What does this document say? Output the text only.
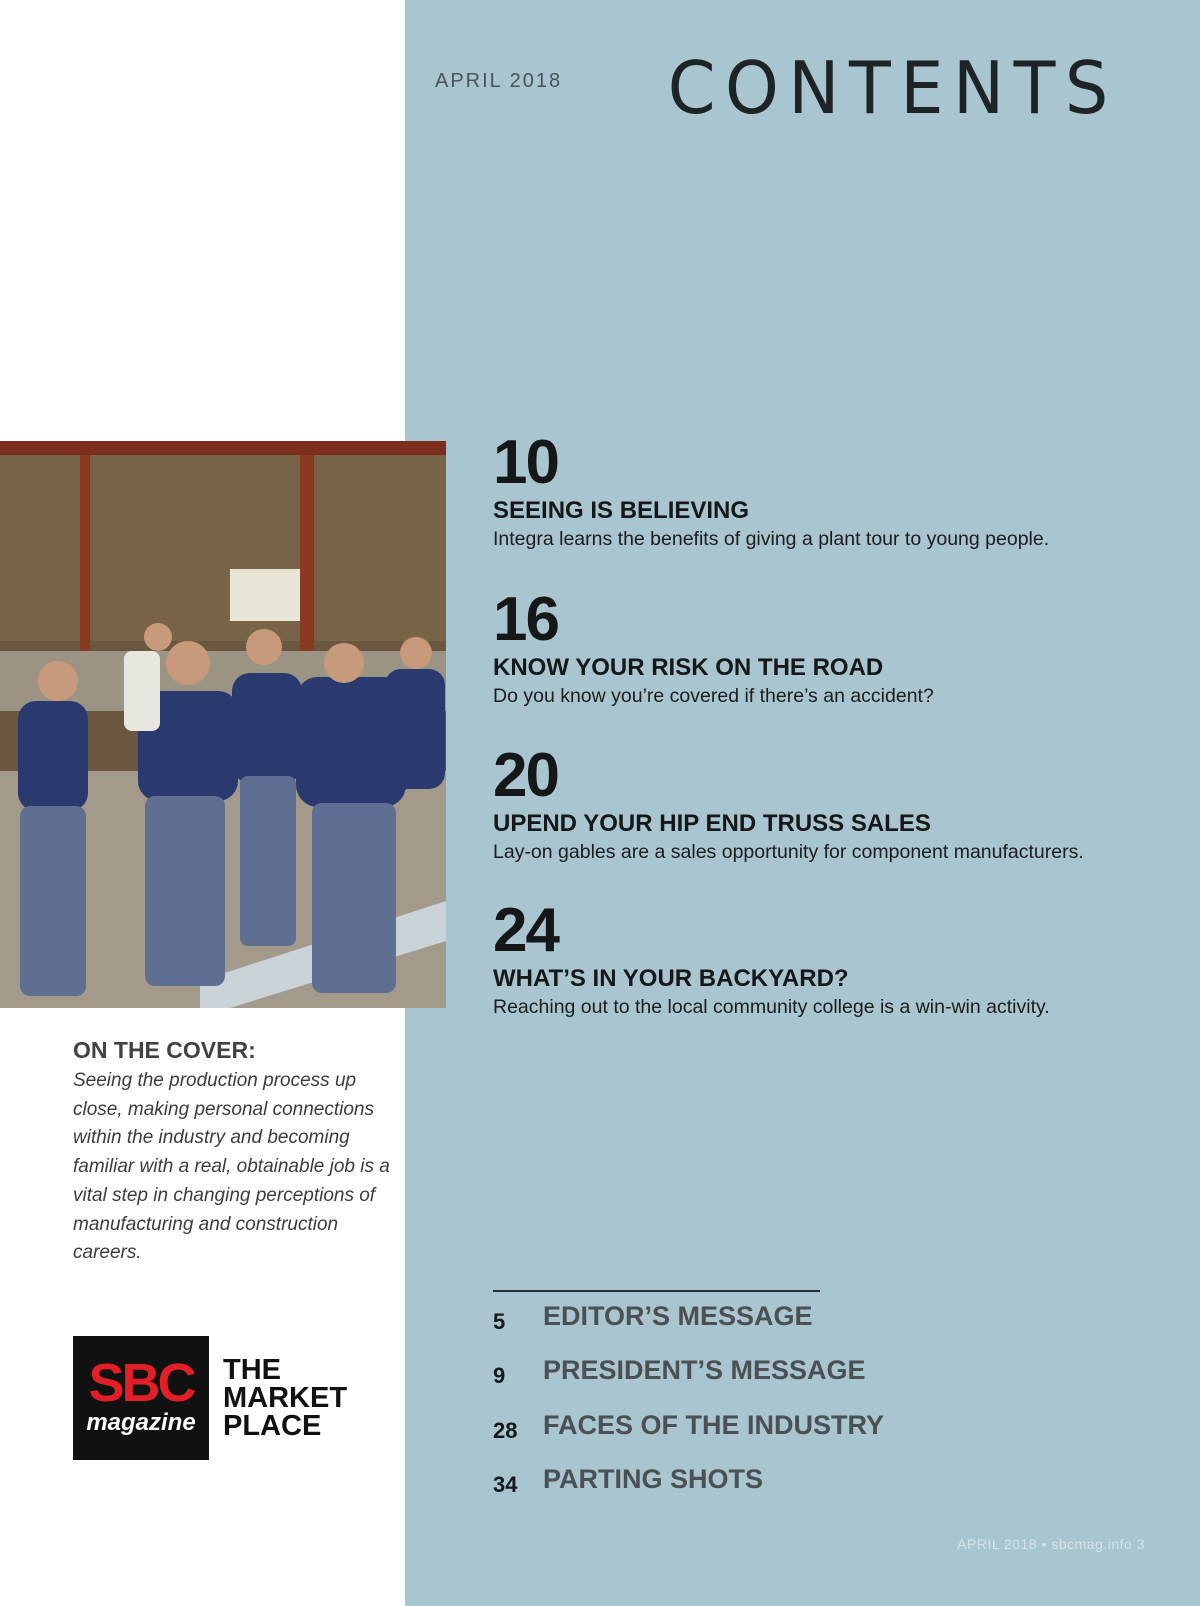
APRIL 2018 CONTENTS
10
SEEING IS BELIEVING
Integra learns the benefits of giving a plant tour to young people.
16
KNOW YOUR RISK ON THE ROAD
Do you know you’re covered if there’s an accident?
20
UPEND YOUR HIP END TRUSS SALES
Lay-on gables are a sales opportunity for component manufacturers.
24
WHAT’S IN YOUR BACKYARD?
Reaching out to the local community college is a win-win activity.
ON THE COVER:
Seeing the production process up close, making personal connections within the industry and becoming familiar with a real, obtainable job is a vital step in changing perceptions of manufacturing and construction careers.
5 EDITOR’S MESSAGE
9 PRESIDENT’S MESSAGE
28 FACES OF THE INDUSTRY
34 PARTING SHOTS
SBC
magazine
THE
MARKET
PLACE
APRIL 2018 • sbcmag.info 3
